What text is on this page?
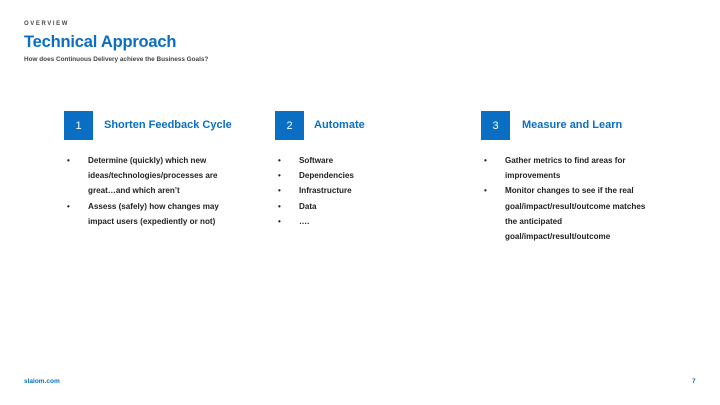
OVERVIEW
Technical Approach
How does Continuous Delivery achieve the Business Goals?
1	Shorten Feedback Cycle
• Determine (quickly) which new ideas/technologies/processes are great…and which aren’t
• Assess (safely) how changes may impact users (expediently or not)
2	Automate
• Software
• Dependencies
• Infrastructure
• Data
• ….
3	Measure and Learn
• Gather metrics to find areas for improvements
• Monitor changes to see if the real goal/impact/result/outcome matches the anticipated goal/impact/result/outcome
slalom.com	7
